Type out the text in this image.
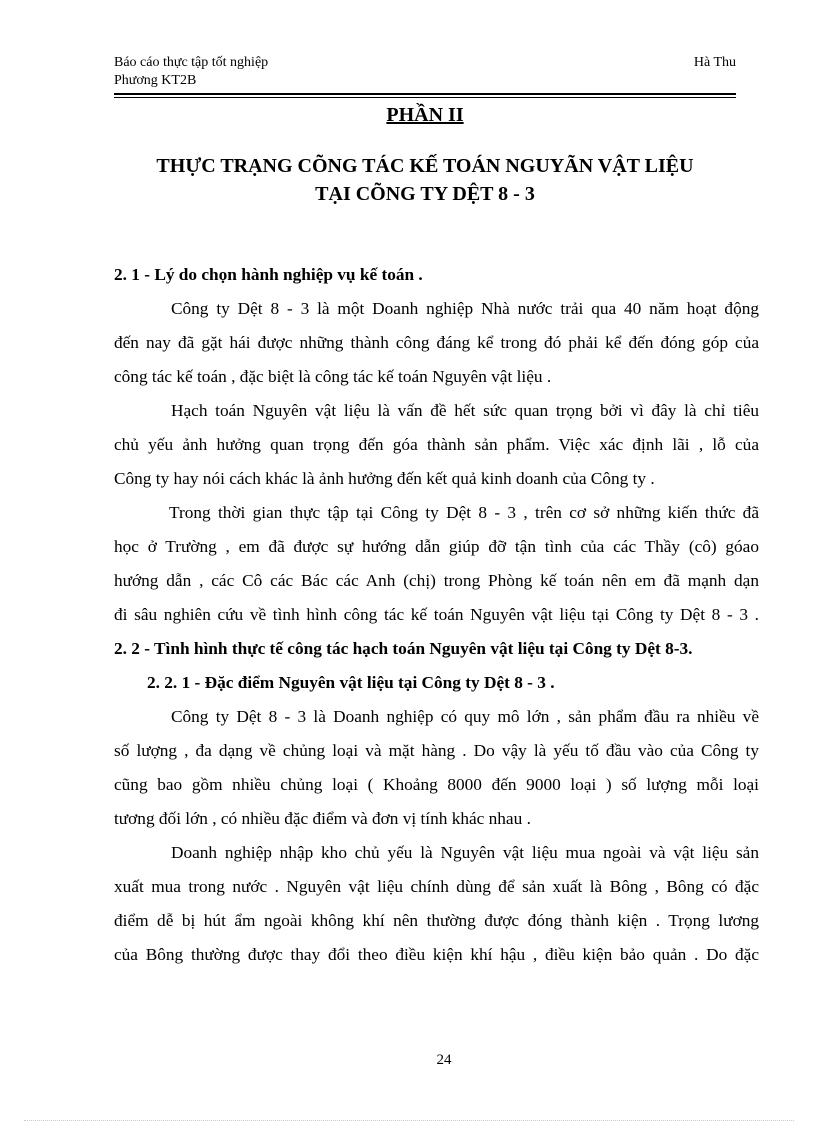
Báo cáo thực tập tốt nghiệp	Hà Thu
Phương KT2B
PHẦN II
THỰC TRẠNG CÕNG TÁC KẾ TOÁN NGUYÃN VẬT LIỆU
TẠI CÕNG TY DỆT 8 - 3
2. 1 - Lý do chọn hành nghiệp vụ kế toán .
Công ty Dệt 8 - 3 là một Doanh nghiệp Nhà nước trải qua 40 năm hoạt động
đến nay đã gặt hái được những thành công đáng kể trong đó phải kể đến đóng góp của
công tác kế toán , đặc biệt là công tác kế toán Nguyên vật liệu .
Hạch toán Nguyên vật liệu là vấn đề hết sức quan trọng bởi vì đây là chỉ tiêu
chủ yếu ảnh hưởng quan trọng đến góa thành sản phẩm. Việc xác định lãi , lỗ của
Công ty hay nói cách khác là ảnh hưởng đến kết quả kinh doanh của Công ty .
Trong thời gian thực tập tại Công ty Dệt 8 - 3 , trên cơ sở những kiến thức đã
học ở Trường , em đã được sự hướng dẫn giúp đỡ tận tình của các Thầy (cô) góao
hướng dẫn , các Cô các Bác các Anh (chị) trong Phòng kế toán nên em đã mạnh dạn
đi sâu nghiên cứu về tình hình công tác kế toán Nguyên vật liệu tại Công ty Dệt 8 - 3 .
2. 2 - Tình hình thực tế công tác hạch toán Nguyên vật liệu tại Công ty Dệt 8-3.
2. 2. 1 - Đặc điểm Nguyên vật liệu tại Công ty Dệt 8 - 3 .
Công ty Dệt 8 - 3 là Doanh nghiệp có quy mô lớn , sản phẩm đầu ra nhiều về
số lượng , đa dạng về chủng loại và mặt hàng . Do vậy là yếu tố đầu vào của Công ty
cũng bao gồm nhiều chủng loại ( Khoảng 8000 đến 9000 loại ) số lượng mỗi loại
tương đối lớn , có nhiều đặc điểm và đơn vị tính khác nhau .
Doanh nghiệp nhập kho chủ yếu là Nguyên vật liệu mua ngoài và vật liệu sản
xuất mua trong nước . Nguyên vật liệu chính dùng để sản xuất là Bông , Bông có đặc
điểm dễ bị hút ẩm ngoài không khí nên thường được đóng thành kiện . Trọng lương
của Bông thường được thay đổi theo điều kiện khí hậu , điều kiện bảo quản . Do đặc
24
